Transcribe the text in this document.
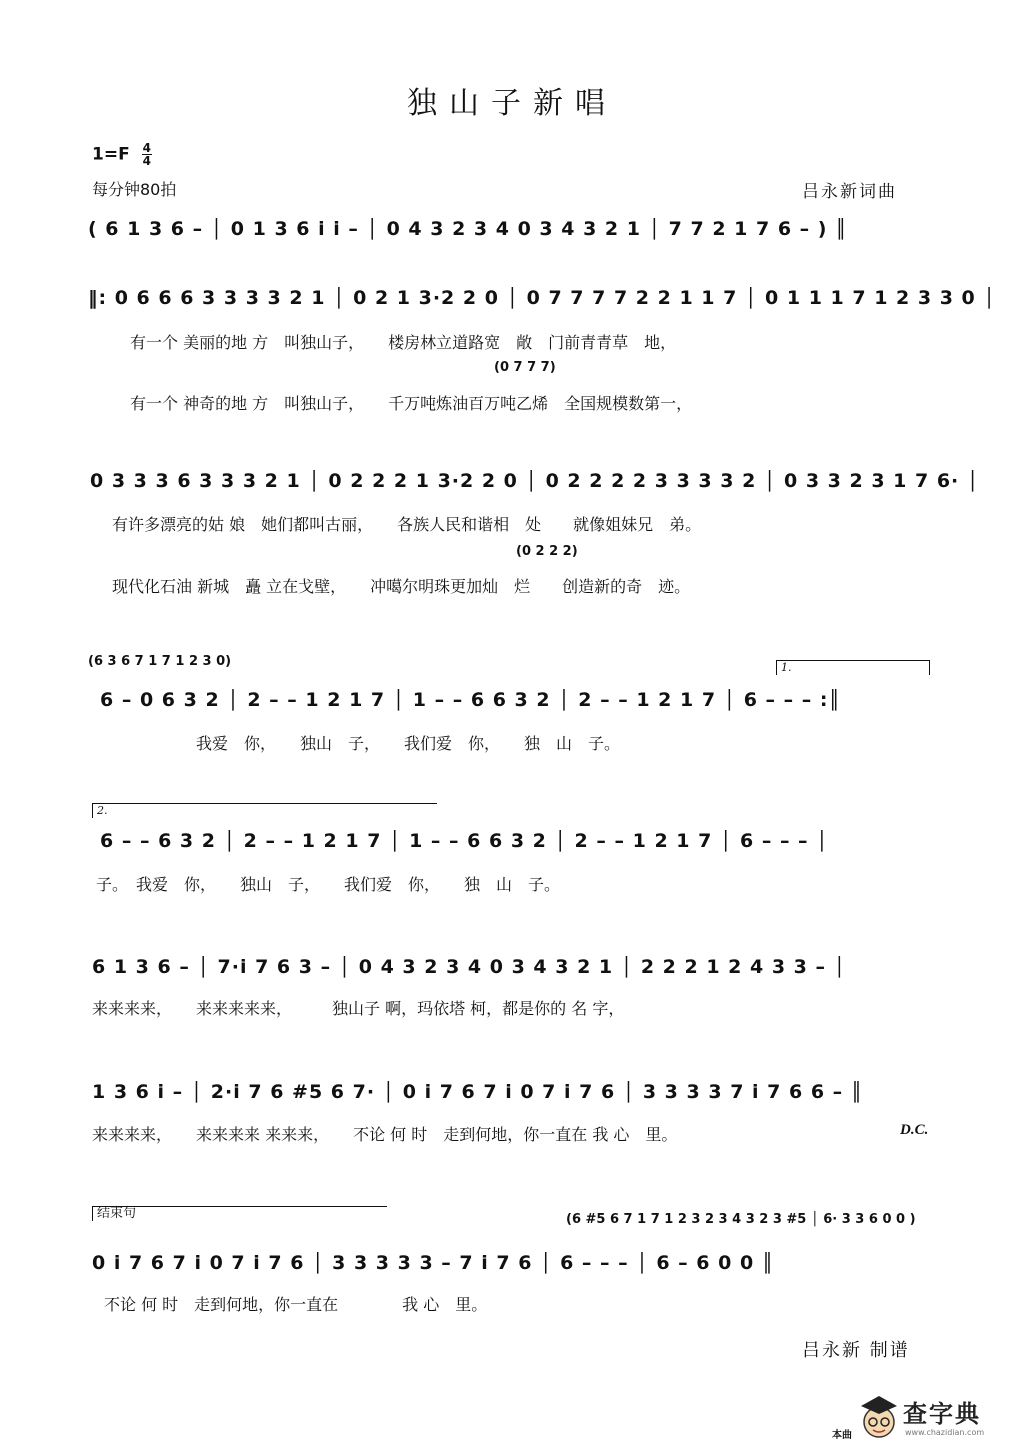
独山子新唱
$1=F \frac{4}{4}$
每分钟80拍	吕永新词曲
( 6 1 3 6 – │ 0 1 3 6 i i – │ 0 4 3 2 3 4 0 3 4 3 2 1 │ 7 7 2 1 7 6 – ) ║
‖: 0 6 6 6 3 3 3 3 2 1 │ 0 2 1 3·2 2 0 │ 0 7 7 7 7 2 2 1 1 7 │ 0 1 1 1 7 1 2 3 3 0 │
有一个 美丽的地 方　叫独山子，　　楼房林立道路宽　敞　门前青青草　地，
(0 7 7 7)
有一个 神奇的地 方　叫独山子，　　千万吨炼油百万吨乙烯　全国规模数第一，
0 3 3 3 6 3 3 3 2 1 │ 0 2 2 2 1 3·2 2 0 │ 0 2 2 2 2 3 3 3 3 2 │ 0 3 3 2 3 1 7 6· │
有许多漂亮的姑 娘　她们都叫古丽，　　各族人民和谐相　处　　就像姐妹兄　弟。
(0 2 2 2)
现代化石油 新城　矗 立在戈壁，　　冲噶尔明珠更加灿　烂　　创造新的奇　迹。
(6 3 6 7 1 7 1 2 3 0)	1.
6 – 0 6 3 2 │ 2 – – 1 2 1 7 │ 1 – – 6 6 3 2 │ 2 – – 1 2 1 7 │ 6 – – – :║
我爱　你，　　独山　子，　　我们爱　你，　　独　山　子。
2.
6 – – 6 3 2 │ 2 – – 1 2 1 7 │ 1 – – 6 6 3 2 │ 2 – – 1 2 1 7 │ 6 – – – │
子。　我爱　你，　　独山　子，　　我们爱　你，　　独　山　子。
6 1 3 6 – │ 7·i 7 6 3 – │ 0 4 3 2 3 4 0 3 4 3 2 1 │ 2 2 2 1 2 4 3 3 – │
来来来来，　　来来来来来，　　　独山子 啊，玛依塔 柯，都是你的 名 字，
1 3 6 i – │ 2·i 7 6 #5 6 7· │ 0 i 7 6 7 i 0 7 i 7 6 │ 3 3 3 3 7 i 7 6 6 – ║
来来来来，　　来来来来 来来来，　　不论 何 时　走到何地，你一直在 我 心　里。	D.C.
结束句	(6 #5 6 7 1 7 1 2 3 2 3 4 3 2 3 #5 │ 6· 3 3 6 0 0 )
0 i 7 6 7 i 0 7 i 7 6 │ 3 3 3 3 3 – 7 i 7 6 │ 6 – – – │ 6 – 6 0 0 ║
不论 何 时　走到何地，你一直在　　　　我 心　里。
吕永新 制谱
本曲
查字典
www.chazidian.com
